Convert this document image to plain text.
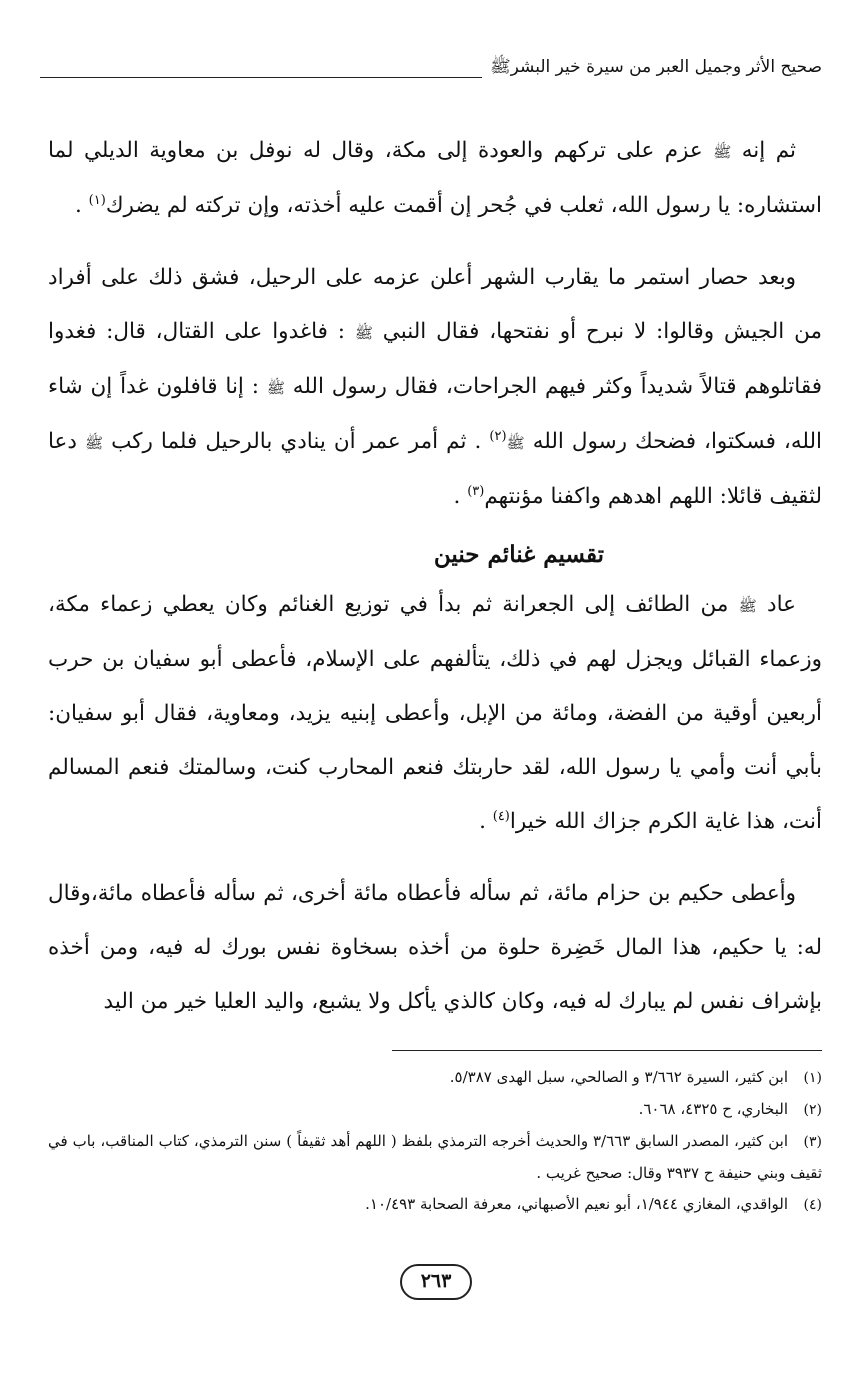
صحيح الأثر وجميل العبر من سيرة خير البشرﷺ

ثم إنه ﷺ عزم على تركهم والعودة إلى مكة، وقال له نوفل بن معاوية الديلي لما استشاره: يا رسول الله، ثعلب في جُحر إن أقمت عليه أخذته، وإن تركته لم يضرك$^{(١)}$ .

وبعد حصار استمر ما يقارب الشهر أعلن عزمه على الرحيل، فشق ذلك على أفراد من الجيش وقالوا: لا نبرح أو نفتحها، فقال النبي ﷺ : فاغدوا على القتال، قال: فغدوا فقاتلوهم قتالاً شديداً وكثر فيهم الجراحات، فقال رسول الله ﷺ : إنا قافلون غداً إن شاء الله، فسكتوا، فضحك رسول الله ﷺ$^{(٢)}$ . ثم أمر عمر أن ينادي بالرحيل فلما ركب ﷺ دعا لثقيف قائلا: اللهم اهدهم واكفنا مؤنتهم$^{(٣)}$ .

تقسيم غنائم حنين

عاد ﷺ من الطائف إلى الجعرانة ثم بدأ في توزيع الغنائم وكان يعطي زعماء مكة، وزعماء القبائل ويجزل لهم في ذلك، يتألفهم على الإسلام، فأعطى أبو سفيان بن حرب أربعين أوقية من الفضة، ومائة من الإبل، وأعطى إبنيه يزيد، ومعاوية، فقال أبو سفيان: بأبي أنت وأمي يا رسول الله، لقد حاربتك فنعم المحارب كنت، وسالمتك فنعم المسالم أنت، هذا غاية الكرم جزاك الله خيرا$^{(٤)}$ .

وأعطى حكيم بن حزام مائة، ثم سأله فأعطاه مائة أخرى، ثم سأله فأعطاه مائة،وقال له: يا حكيم، هذا المال خَضِرة حلوة من أخذه بسخاوة نفس بورك له فيه، ومن أخذه بإشراف نفس لم يبارك له فيه، وكان كالذي يأكل ولا يشبع، واليد العليا خير من اليد

(١)ابن كثير، السيرة ٣/٦٦٢ و الصالحي، سبل الهدى ٥/٣٨٧.

(٢)البخاري، ح ٤٣٢٥، ٦٠٦٨.

(٣)ابن كثير، المصدر السابق ٣/٦٦٣ والحديث أخرجه الترمذي بلفظ ( اللهم أهد ثقيفاً ) سنن الترمذي، كتاب المناقب، باب في ثقيف وبني حنيفة ح ٣٩٣٧ وقال: صحيح غريب .

(٤)الواقدي، المغازي ١/٩٤٤، أبو نعيم الأصبهاني، معرفة الصحابة ١٠/٤٩٣.

٢٦٣
